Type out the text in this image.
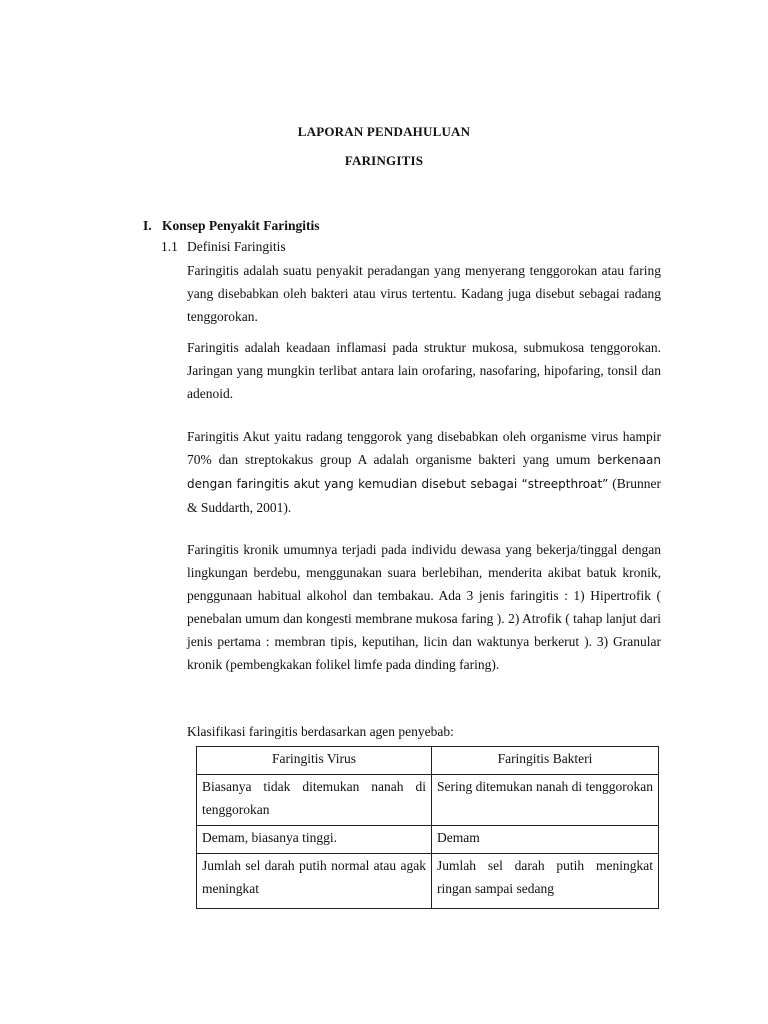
LAPORAN PENDAHULUAN
FARINGITIS
I. Konsep Penyakit Faringitis
1.1 Definisi Faringitis

Faringitis adalah suatu penyakit peradangan yang menyerang tenggorokan atau faring yang disebabkan oleh bakteri atau virus tertentu. Kadang juga disebut sebagai radang tenggorokan.

Faringitis adalah keadaan inflamasi pada struktur mukosa, submukosa tenggorokan. Jaringan yang mungkin terlibat antara lain orofaring, nasofaring, hipofaring, tonsil dan adenoid.

Faringitis Akut yaitu radang tenggorok yang disebabkan oleh organisme virus hampir 70% dan streptokakus group A adalah organisme bakteri yang umum berkenaan dengan faringitis akut yang kemudian disebut sebagai “streepthroat” (Brunner & Suddarth, 2001).

Faringitis kronik umumnya terjadi pada individu dewasa yang bekerja/tinggal dengan lingkungan berdebu, menggunakan suara berlebihan, menderita akibat batuk kronik, penggunaan habitual alkohol dan tembakau. Ada 3 jenis faringitis : 1) Hipertrofik ( penebalan umum dan kongesti membrane mukosa faring ). 2) Atrofik ( tahap lanjut dari jenis pertama : membran tipis, keputihan, licin dan waktunya berkerut ). 3) Granular kronik (pembengkakan folikel limfe pada dinding faring).

Klasifikasi faringitis berdasarkan agen penyebab:

Faringitis Virus	Faringitis Bakteri
Biasanya tidak ditemukan nanah di tenggorokan	Sering ditemukan nanah di tenggorokan
Demam, biasanya tinggi.	Demam
Jumlah sel darah putih normal atau agak meningkat	Jumlah sel darah putih meningkat ringan sampai sedang
